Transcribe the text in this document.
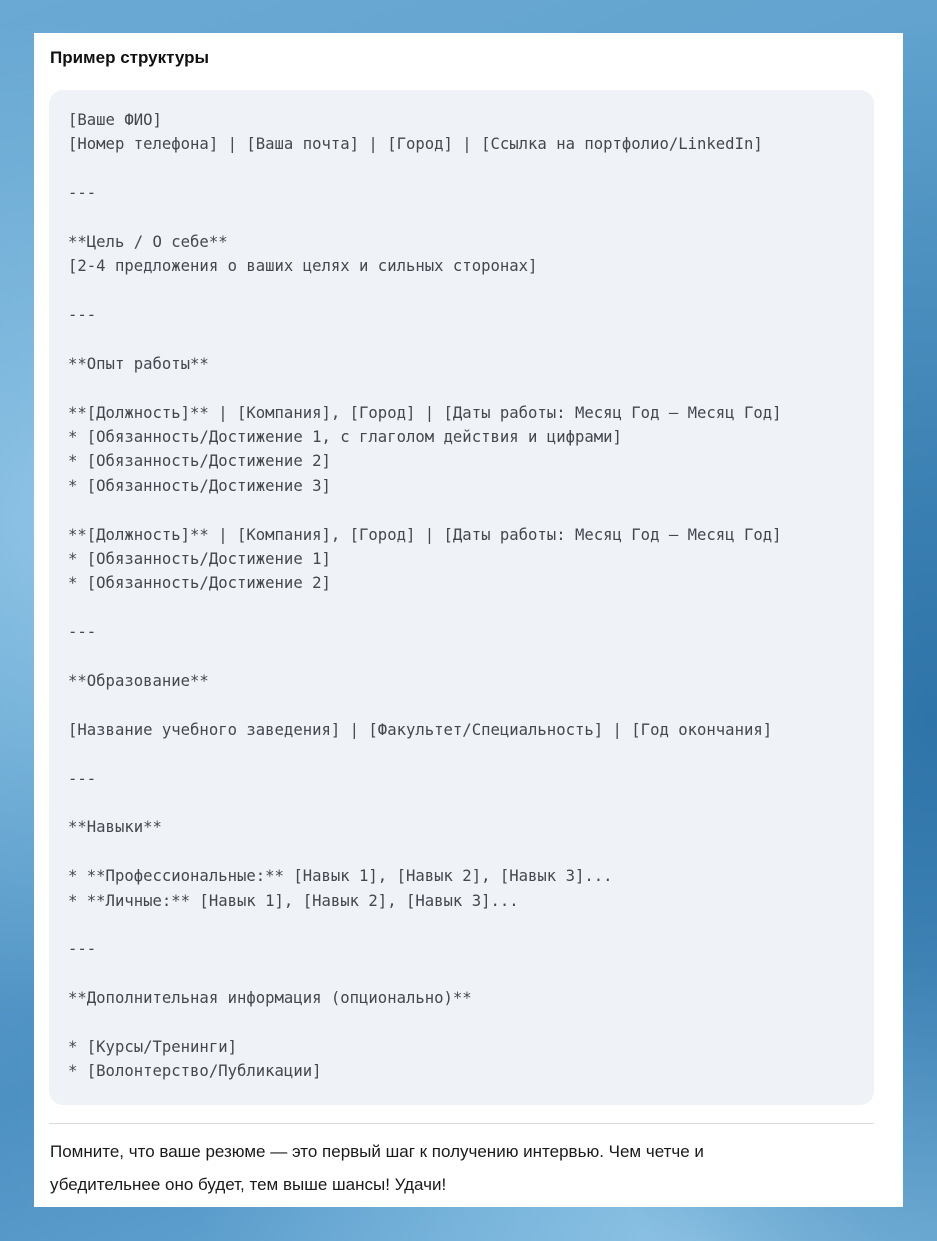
Пример структуры
[Ваше ФИО]
[Номер телефона] | [Ваша почта] | [Город] | [Ссылка на портфолио/LinkedIn]
---
**Цель / О себе**
[2-4 предложения о ваших целях и сильных сторонах]
---
**Опыт работы**
**[Должность]** | [Компания], [Город] | [Даты работы: Месяц Год – Месяц Год]
* [Обязанность/Достижение 1, с глаголом действия и цифрами]
* [Обязанность/Достижение 2]
* [Обязанность/Достижение 3]
**[Должность]** | [Компания], [Город] | [Даты работы: Месяц Год – Месяц Год]
* [Обязанность/Достижение 1]
* [Обязанность/Достижение 2]
---
**Образование**
[Название учебного заведения] | [Факультет/Специальность] | [Год окончания]
---
**Навыки**
* **Профессиональные:** [Навык 1], [Навык 2], [Навык 3]...
* **Личные:** [Навык 1], [Навык 2], [Навык 3]...
---
**Дополнительная информация (опционально)**
* [Курсы/Тренинги]
* [Волонтерство/Публикации]

Помните, что ваше резюме — это первый шаг к получению интервью. Чем четче и убедительнее оно будет, тем выше шансы! Удачи!
